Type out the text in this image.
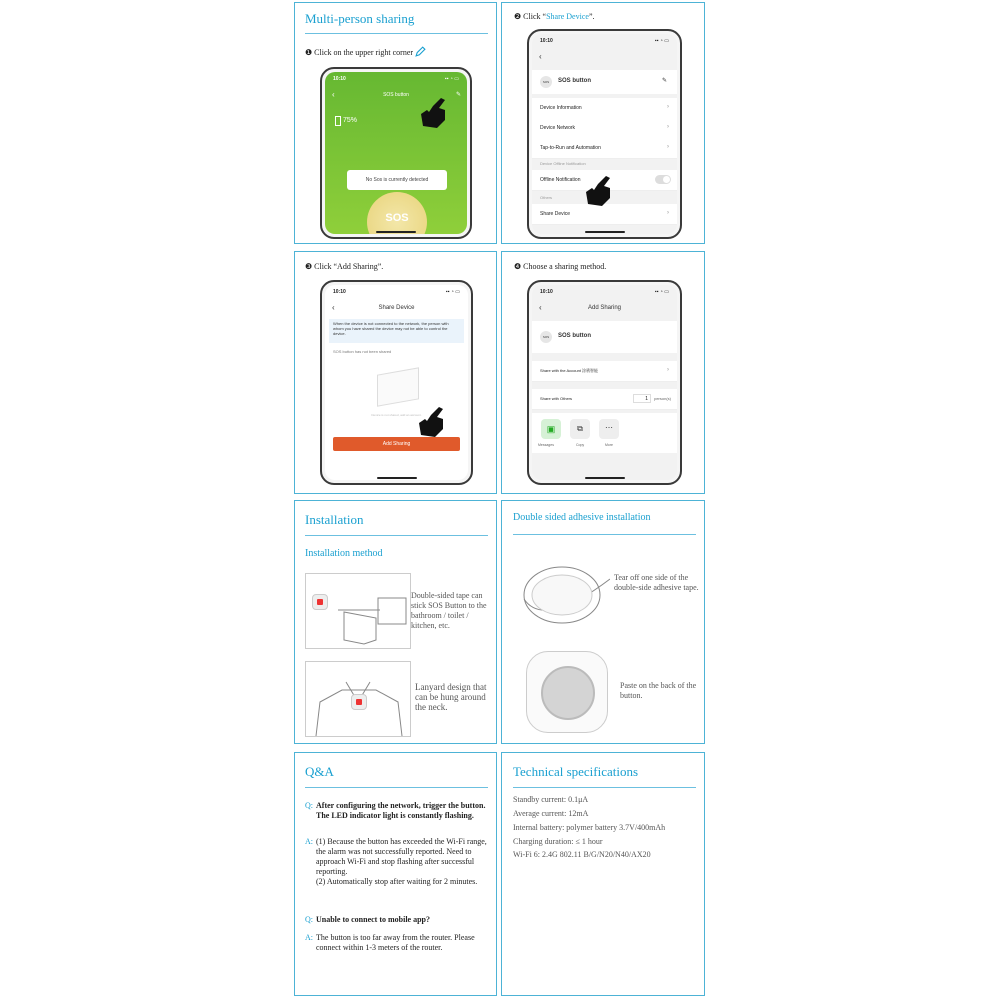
Multi-person sharing
❶ Click on the upper right corner
10:10	▪▪ ◔ ▭
‹	SOS button	✎
75%
No Sos is currently detected
SOS
❷ Click “Share Device”.
10:10	▪▪ ◔ ▭
‹
SOS	SOS button	✎
Device Information	›
Device Network	›
Tap-to-Run and Automation	›
Device Offline Notification
Offline Notification
Others
Share Device	›
❸ Click “Add Sharing”.
10:10	▪▪ ◔ ▭
‹	Share Device
When the device is not connected to the network, the person with whom you have shared the device may not be able to control the device.
SOS button has not been shared
Device is not shared, add an account.
Add Sharing
❹ Choose a sharing method.
10:10	▪▪ ◔ ▭
‹	Add Sharing
SOS	SOS button
Share with the Account 涂鸦智能	›
Share with Others	1	person(s)
▣
Messages
⧉
Copy
⋯
More
Installation
Installation method
Double-sided tape can stick SOS Button to the bathroom / toilet / kitchen, etc.
Lanyard design that can be hung around the neck.
Double sided adhesive installation
Tear off one side of the double-side adhesive tape.
Paste on the back of the button.
Q&A
Q: After configuring the network, trigger the button. The LED indicator light is constantly flashing.
A: (1) Because the button has exceeded the Wi-Fi range, the alarm was not successfully reported. Need to approach Wi-Fi and stop flashing after successful reporting.
(2) Automatically stop after waiting for 2 minutes.
Q: Unable to connect to mobile app?
A: The button is too far away from the router. Please connect within 1-3 meters of the router.
Technical specifications
Standby current: 0.1μA
Average current: 12mA
Internal battery: polymer battery 3.7V/400mAh
Charging duration: ≤ 1 hour
Wi-Fi 6: 2.4G 802.11 B/G/N20/N40/AX20
